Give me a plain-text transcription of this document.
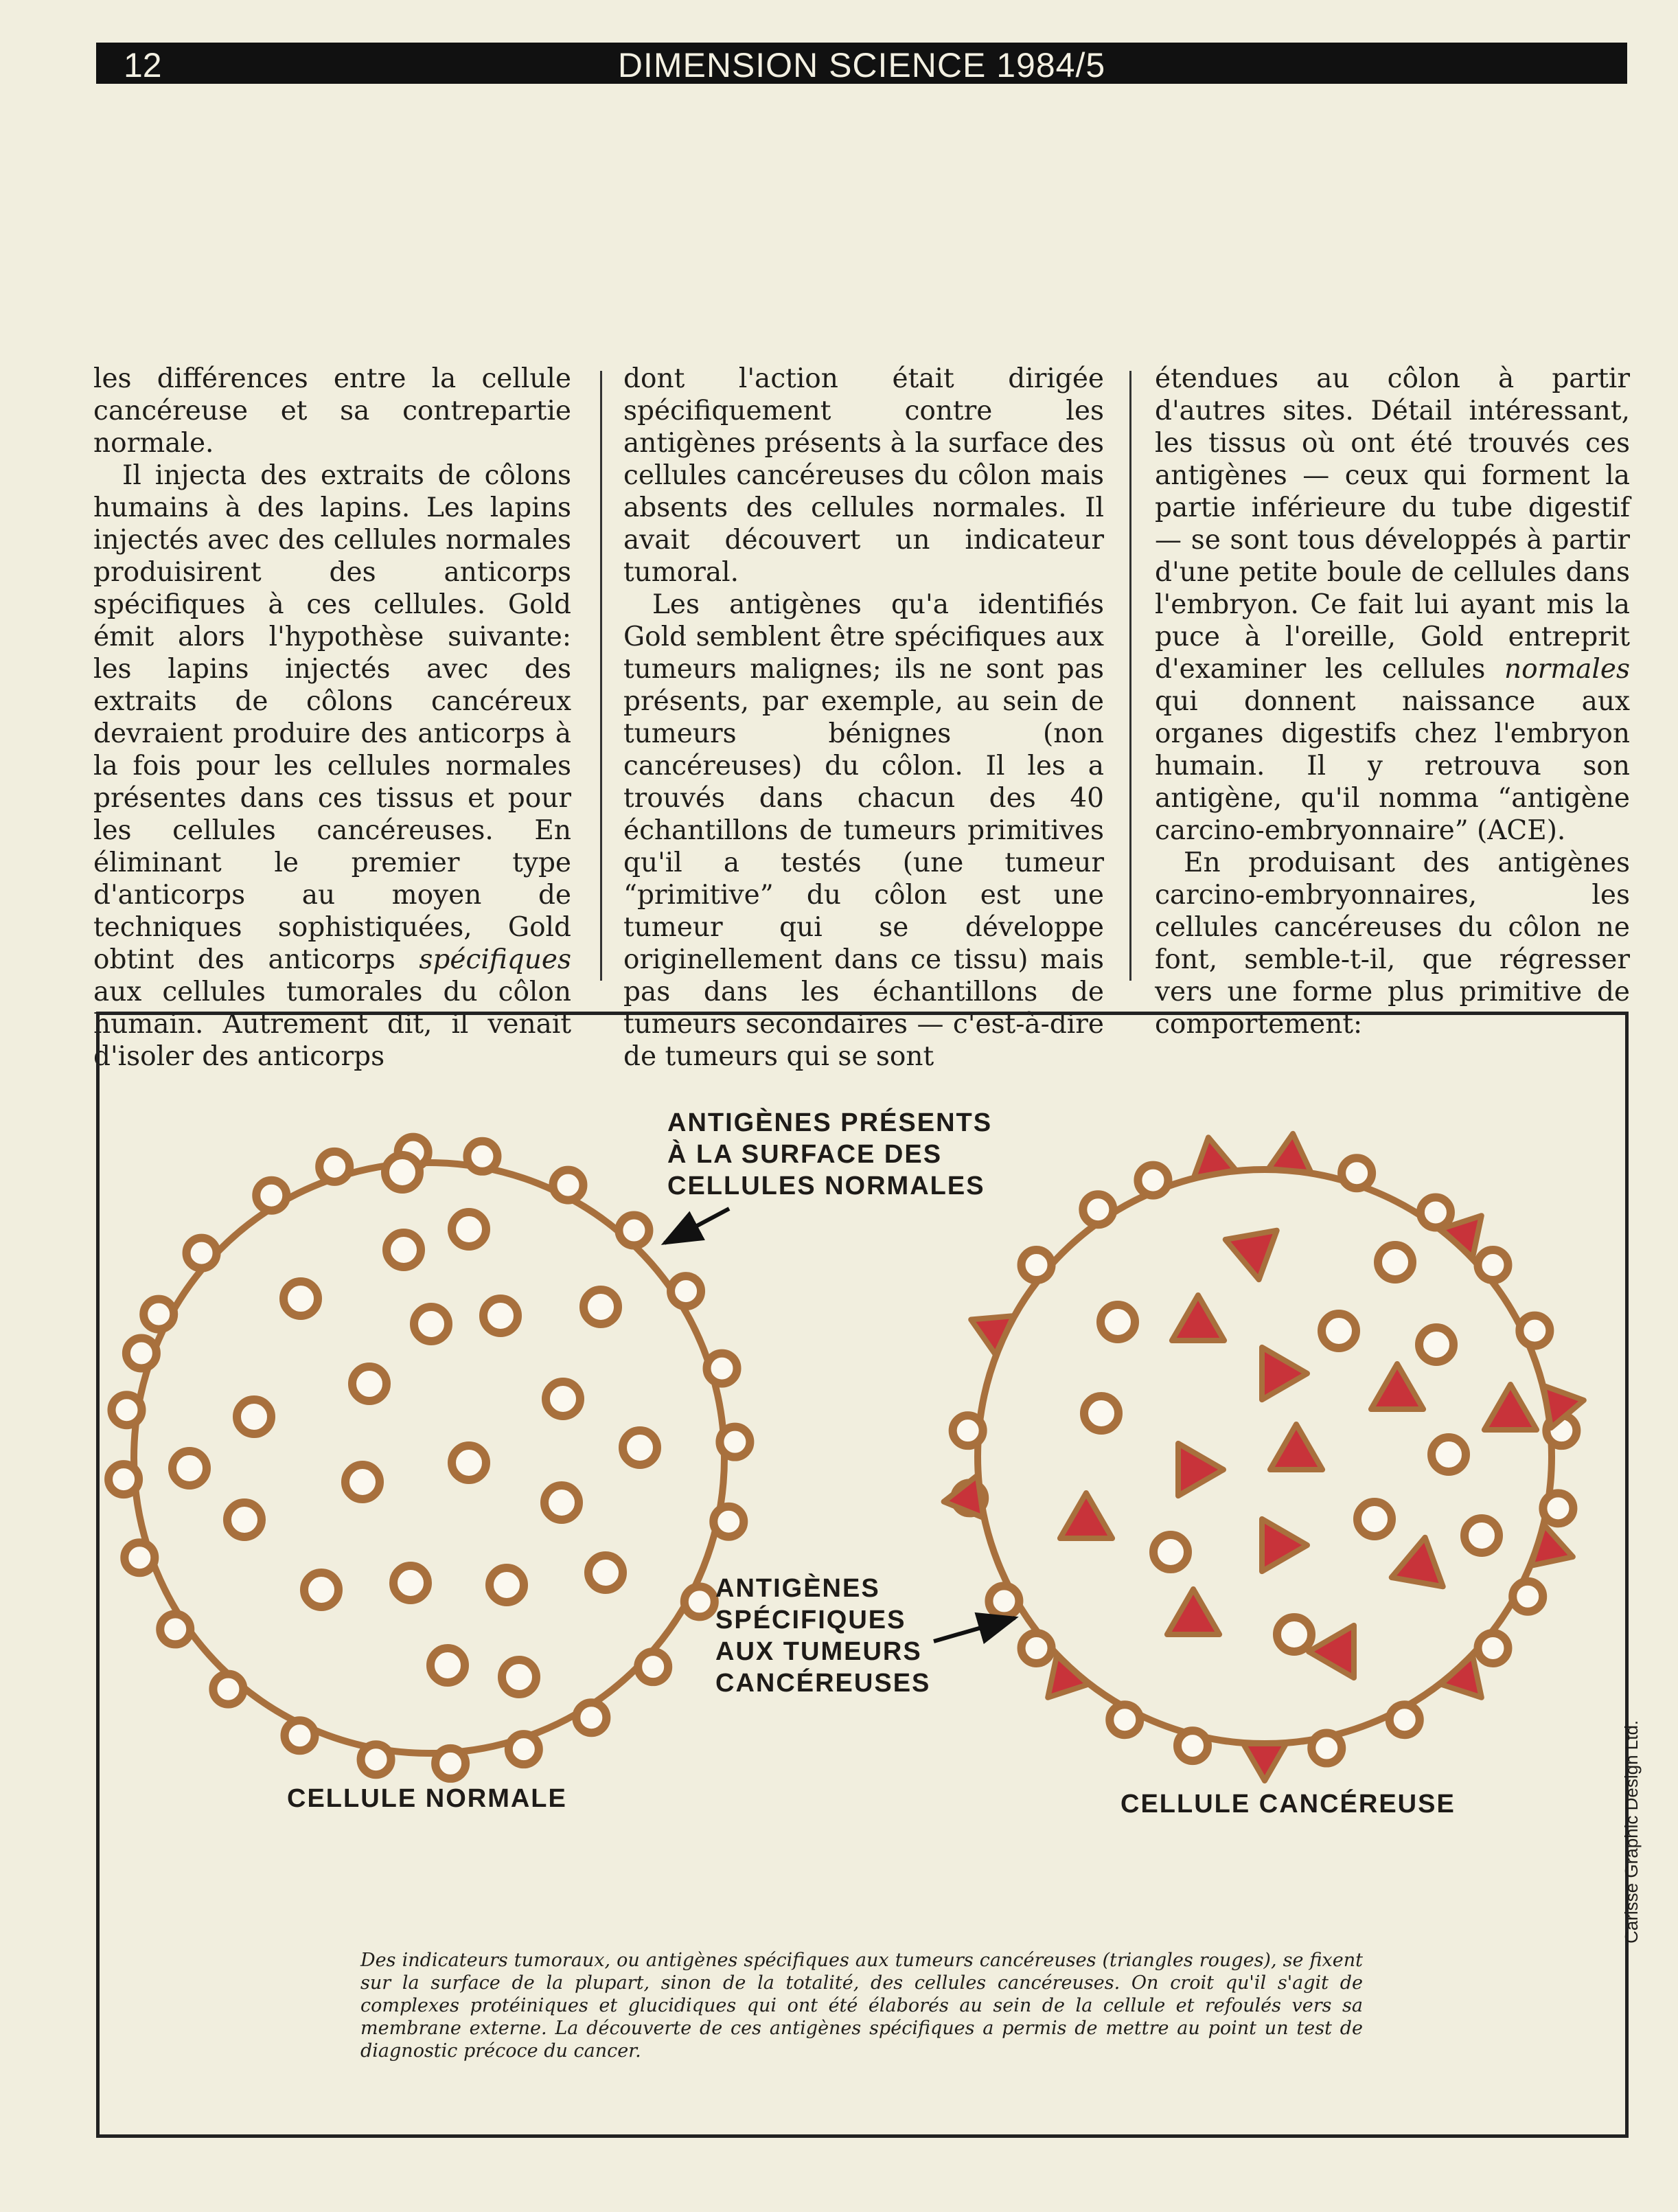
12	DIMENSION SCIENCE 1984/5

les différences entre la cellule cancéreuse et sa contrepartie normale.

Il injecta des extraits de côlons humains à des lapins. Les lapins injectés avec des cellules normales produisirent des anticorps spécifiques à ces cellules. Gold émit alors l'hypothèse suivante: les lapins injectés avec des extraits de côlons cancéreux devraient produire des anticorps à la fois pour les cellules normales présentes dans ces tissus et pour les cellules cancéreuses. En éliminant le premier type d'anticorps au moyen de techniques sophistiquées, Gold obtint des anticorps spécifiques aux cellules tumorales du côlon humain. Autrement dit, il venait d'isoler des anticorps

dont l'action était dirigée spécifiquement contre les antigènes présents à la surface des cellules cancéreuses du côlon mais absents des cellules normales. Il avait découvert un indicateur tumoral.

Les antigènes qu'a identifiés Gold semblent être spécifiques aux tumeurs malignes; ils ne sont pas présents, par exemple, au sein de tumeurs bénignes (non cancéreuses) du côlon. Il les a trouvés dans chacun des 40 échantillons de tumeurs primitives qu'il a testés (une tumeur “primitive” du côlon est une tumeur qui se développe originellement dans ce tissu) mais pas dans les échantillons de tumeurs secondaires — c'est-à-dire de tumeurs qui se sont

étendues au côlon à partir d'autres sites. Détail intéressant, les tissus où ont été trouvés ces antigènes — ceux qui forment la partie inférieure du tube digestif — se sont tous développés à partir d'une petite boule de cellules dans l'embryon. Ce fait lui ayant mis la puce à l'oreille, Gold entreprit d'examiner les cellules normales qui donnent naissance aux organes digestifs chez l'embryon humain. Il y retrouva son antigène, qu'il nomma “antigène carcino-embryonnaire” (ACE).

En produisant des antigènes carcino-embryonnaires, les cellules cancéreuses du côlon ne font, semble-t-il, que régresser vers une forme plus primitive de comportement:

ANTIGÈNES PRÉSENTS
À LA SURFACE DES
CELLULES NORMALES
ANTIGÈNES
SPÉCIFIQUES
AUX TUMEURS
CANCÉREUSES
CELLULE NORMALE	CELLULE CANCÉREUSE
Des indicateurs tumoraux, ou antigènes spécifiques aux tumeurs cancéreuses (triangles rouges), se fixent sur la surface de la plupart, sinon de la totalité, des cellules cancéreuses. On croit qu'il s'agit de complexes protéiniques et glucidiques qui ont été élaborés au sein de la cellule et refoulés vers sa membrane externe. La découverte de ces antigènes spécifiques a permis de mettre au point un test de diagnostic précoce du cancer.
Carisse Graphic Design Ltd.
